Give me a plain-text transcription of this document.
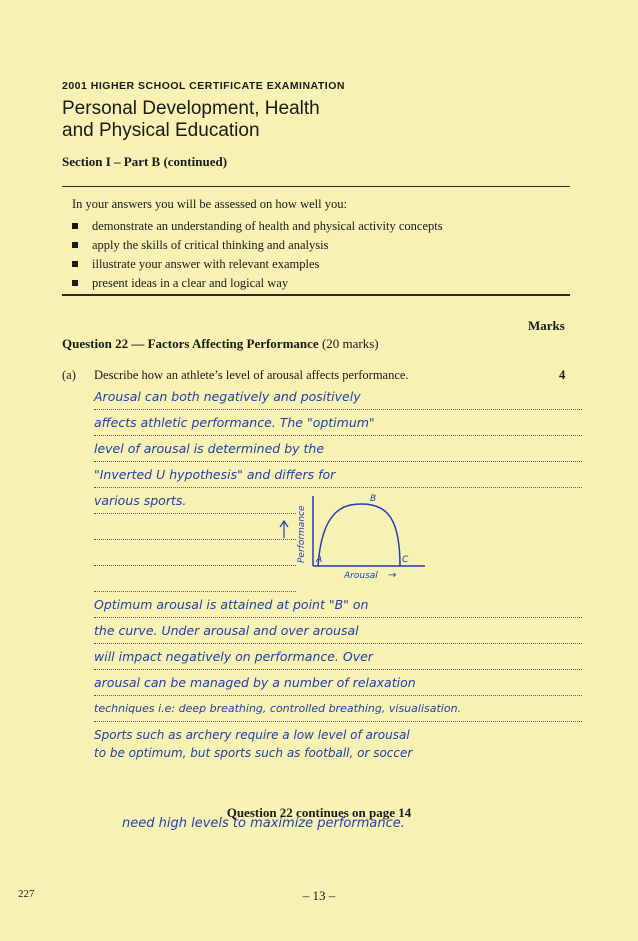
2001 HIGHER SCHOOL CERTIFICATE EXAMINATION
Personal Development, Health
and Physical Education
Section I – Part B (continued)
In your answers you will be assessed on how well you:
demonstrate an understanding of health and physical activity concepts
apply the skills of critical thinking and analysis
illustrate your answer with relevant examples
present ideas in a clear and logical way
Marks
Question 22 — Factors Affecting Performance (20 marks)
(a) Describe how an athlete’s level of arousal affects performance.	4
Arousal can both negatively and positively
affects athletic performance. The "optimum"
level of arousal is determined by the
"Inverted U hypothesis" and differs for
various sports.
Optimum arousal is attained at point "B" on
the curve. Under arousal and over arousal
will impact negatively on performance. Over
arousal can be managed by a number of relaxation
techniques i.e: deep breathing, controlled breathing, visualisation.
Sports such as archery require a low level of arousal
to be optimum, but sports such as football, or soccer
need high levels to maximize performance.
Performance
Arousal →
A
B
C
Question 22 continues on page 14
– 13 –
227
